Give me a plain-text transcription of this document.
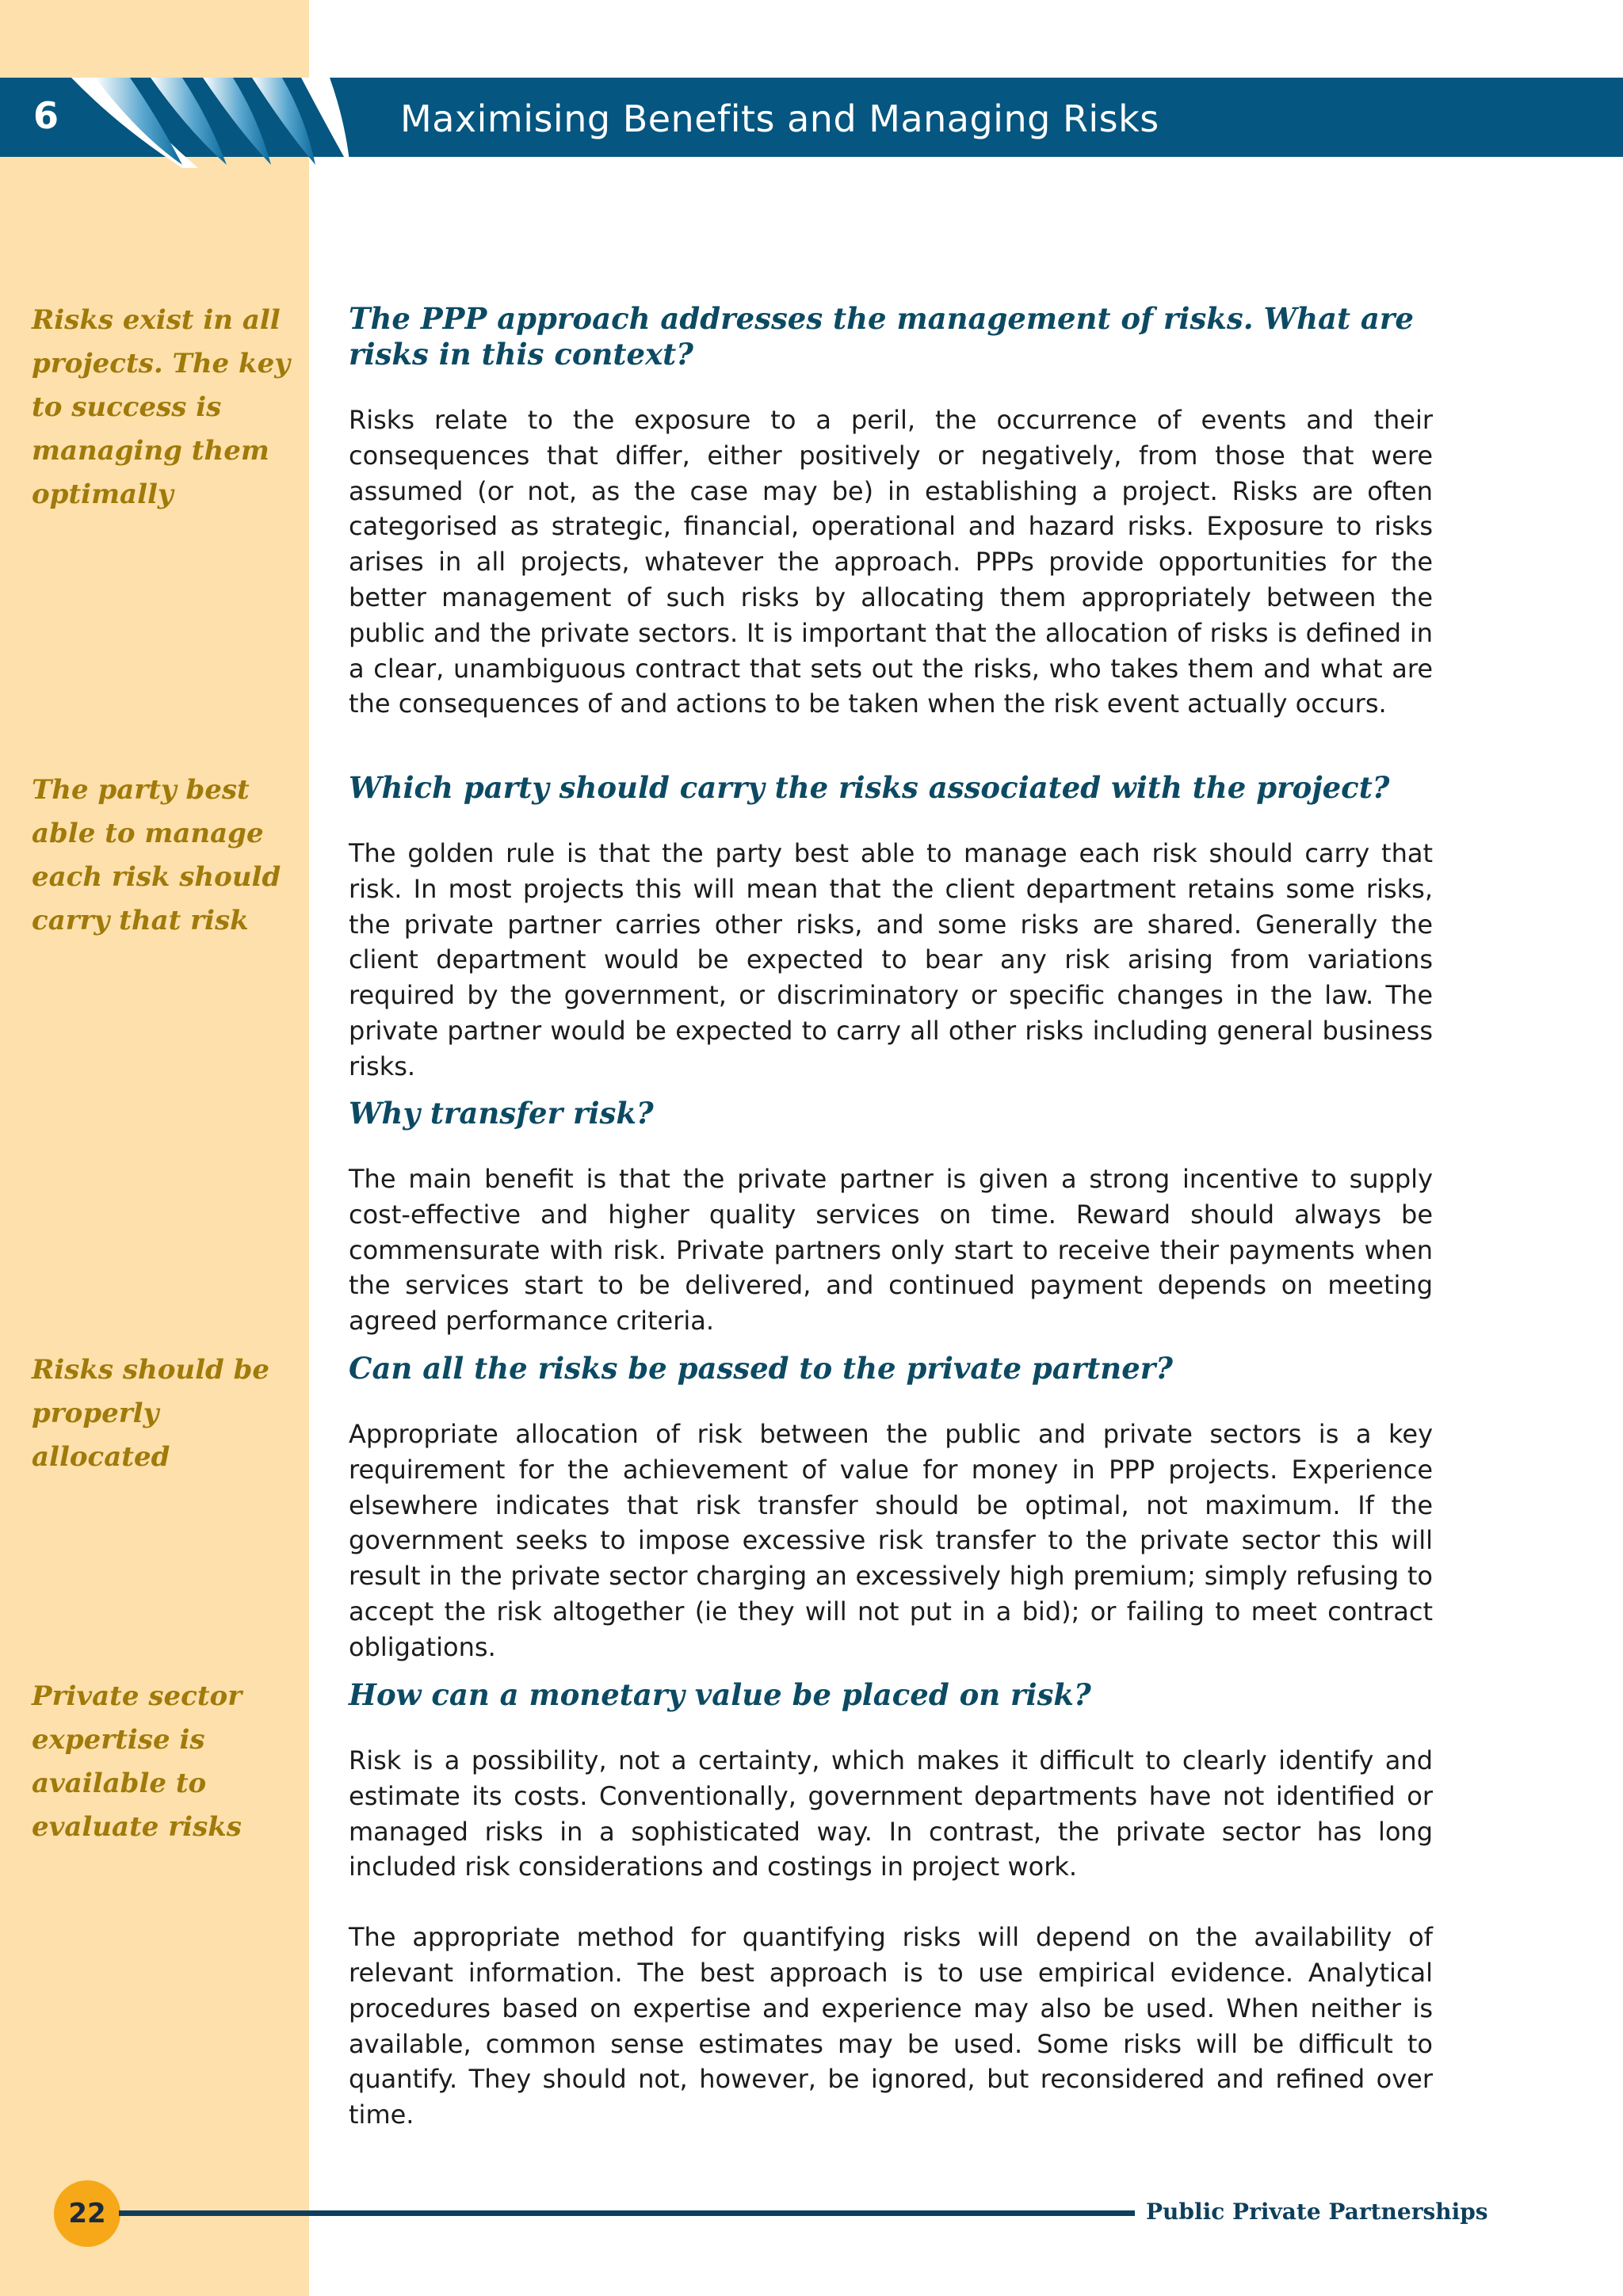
6	Maximising Benefits and Managing Risks

Risks exist in all projects. The key to success is managing them optimally

The party best able to manage each risk should carry that risk

Risks should be properly allocated

Private sector expertise is available to evaluate risks

The PPP approach addresses the management of risks. What are risks in this context?

Risks relate to the exposure to a peril, the occurrence of events and their consequences that differ, either positively or negatively, from those that were assumed (or not, as the case may be) in establishing a project. Risks are often categorised as strategic, financial, operational and hazard risks. Exposure to risks arises in all projects, whatever the approach. PPPs provide opportunities for the better management of such risks by allocating them appropriately between the public and the private sectors. It is important that the allocation of risks is defined in a clear, unambiguous contract that sets out the risks, who takes them and what are the consequences of and actions to be taken when the risk event actually occurs.

Which party should carry the risks associated with the project?

The golden rule is that the party best able to manage each risk should carry that risk. In most projects this will mean that the client department retains some risks, the private partner carries other risks, and some risks are shared. Generally the client department would be expected to bear any risk arising from variations required by the government, or discriminatory or specific changes in the law. The private partner would be expected to carry all other risks including general business risks.

Why transfer risk?

The main benefit is that the private partner is given a strong incentive to supply cost-effective and higher quality services on time. Reward should always be commensurate with risk. Private partners only start to receive their payments when the services start to be delivered, and continued payment depends on meeting agreed performance criteria.

Can all the risks be passed to the private partner?

Appropriate allocation of risk between the public and private sectors is a key requirement for the achievement of value for money in PPP projects. Experience elsewhere indicates that risk transfer should be optimal, not maximum. If the government seeks to impose excessive risk transfer to the private sector this will result in the private sector charging an excessively high premium; simply refusing to accept the risk altogether (ie they will not put in a bid); or failing to meet contract obligations.

How can a monetary value be placed on risk?

Risk is a possibility, not a certainty, which makes it difficult to clearly identify and estimate its costs. Conventionally, government departments have not identified or managed risks in a sophisticated way. In contrast, the private sector has long included risk considerations and costings in project work.

The appropriate method for quantifying risks will depend on the availability of relevant information. The best approach is to use empirical evidence. Analytical procedures based on expertise and experience may also be used. When neither is available, common sense estimates may be used. Some risks will be difficult to quantify. They should not, however, be ignored, but reconsidered and refined over time.

22	Public Private Partnerships
